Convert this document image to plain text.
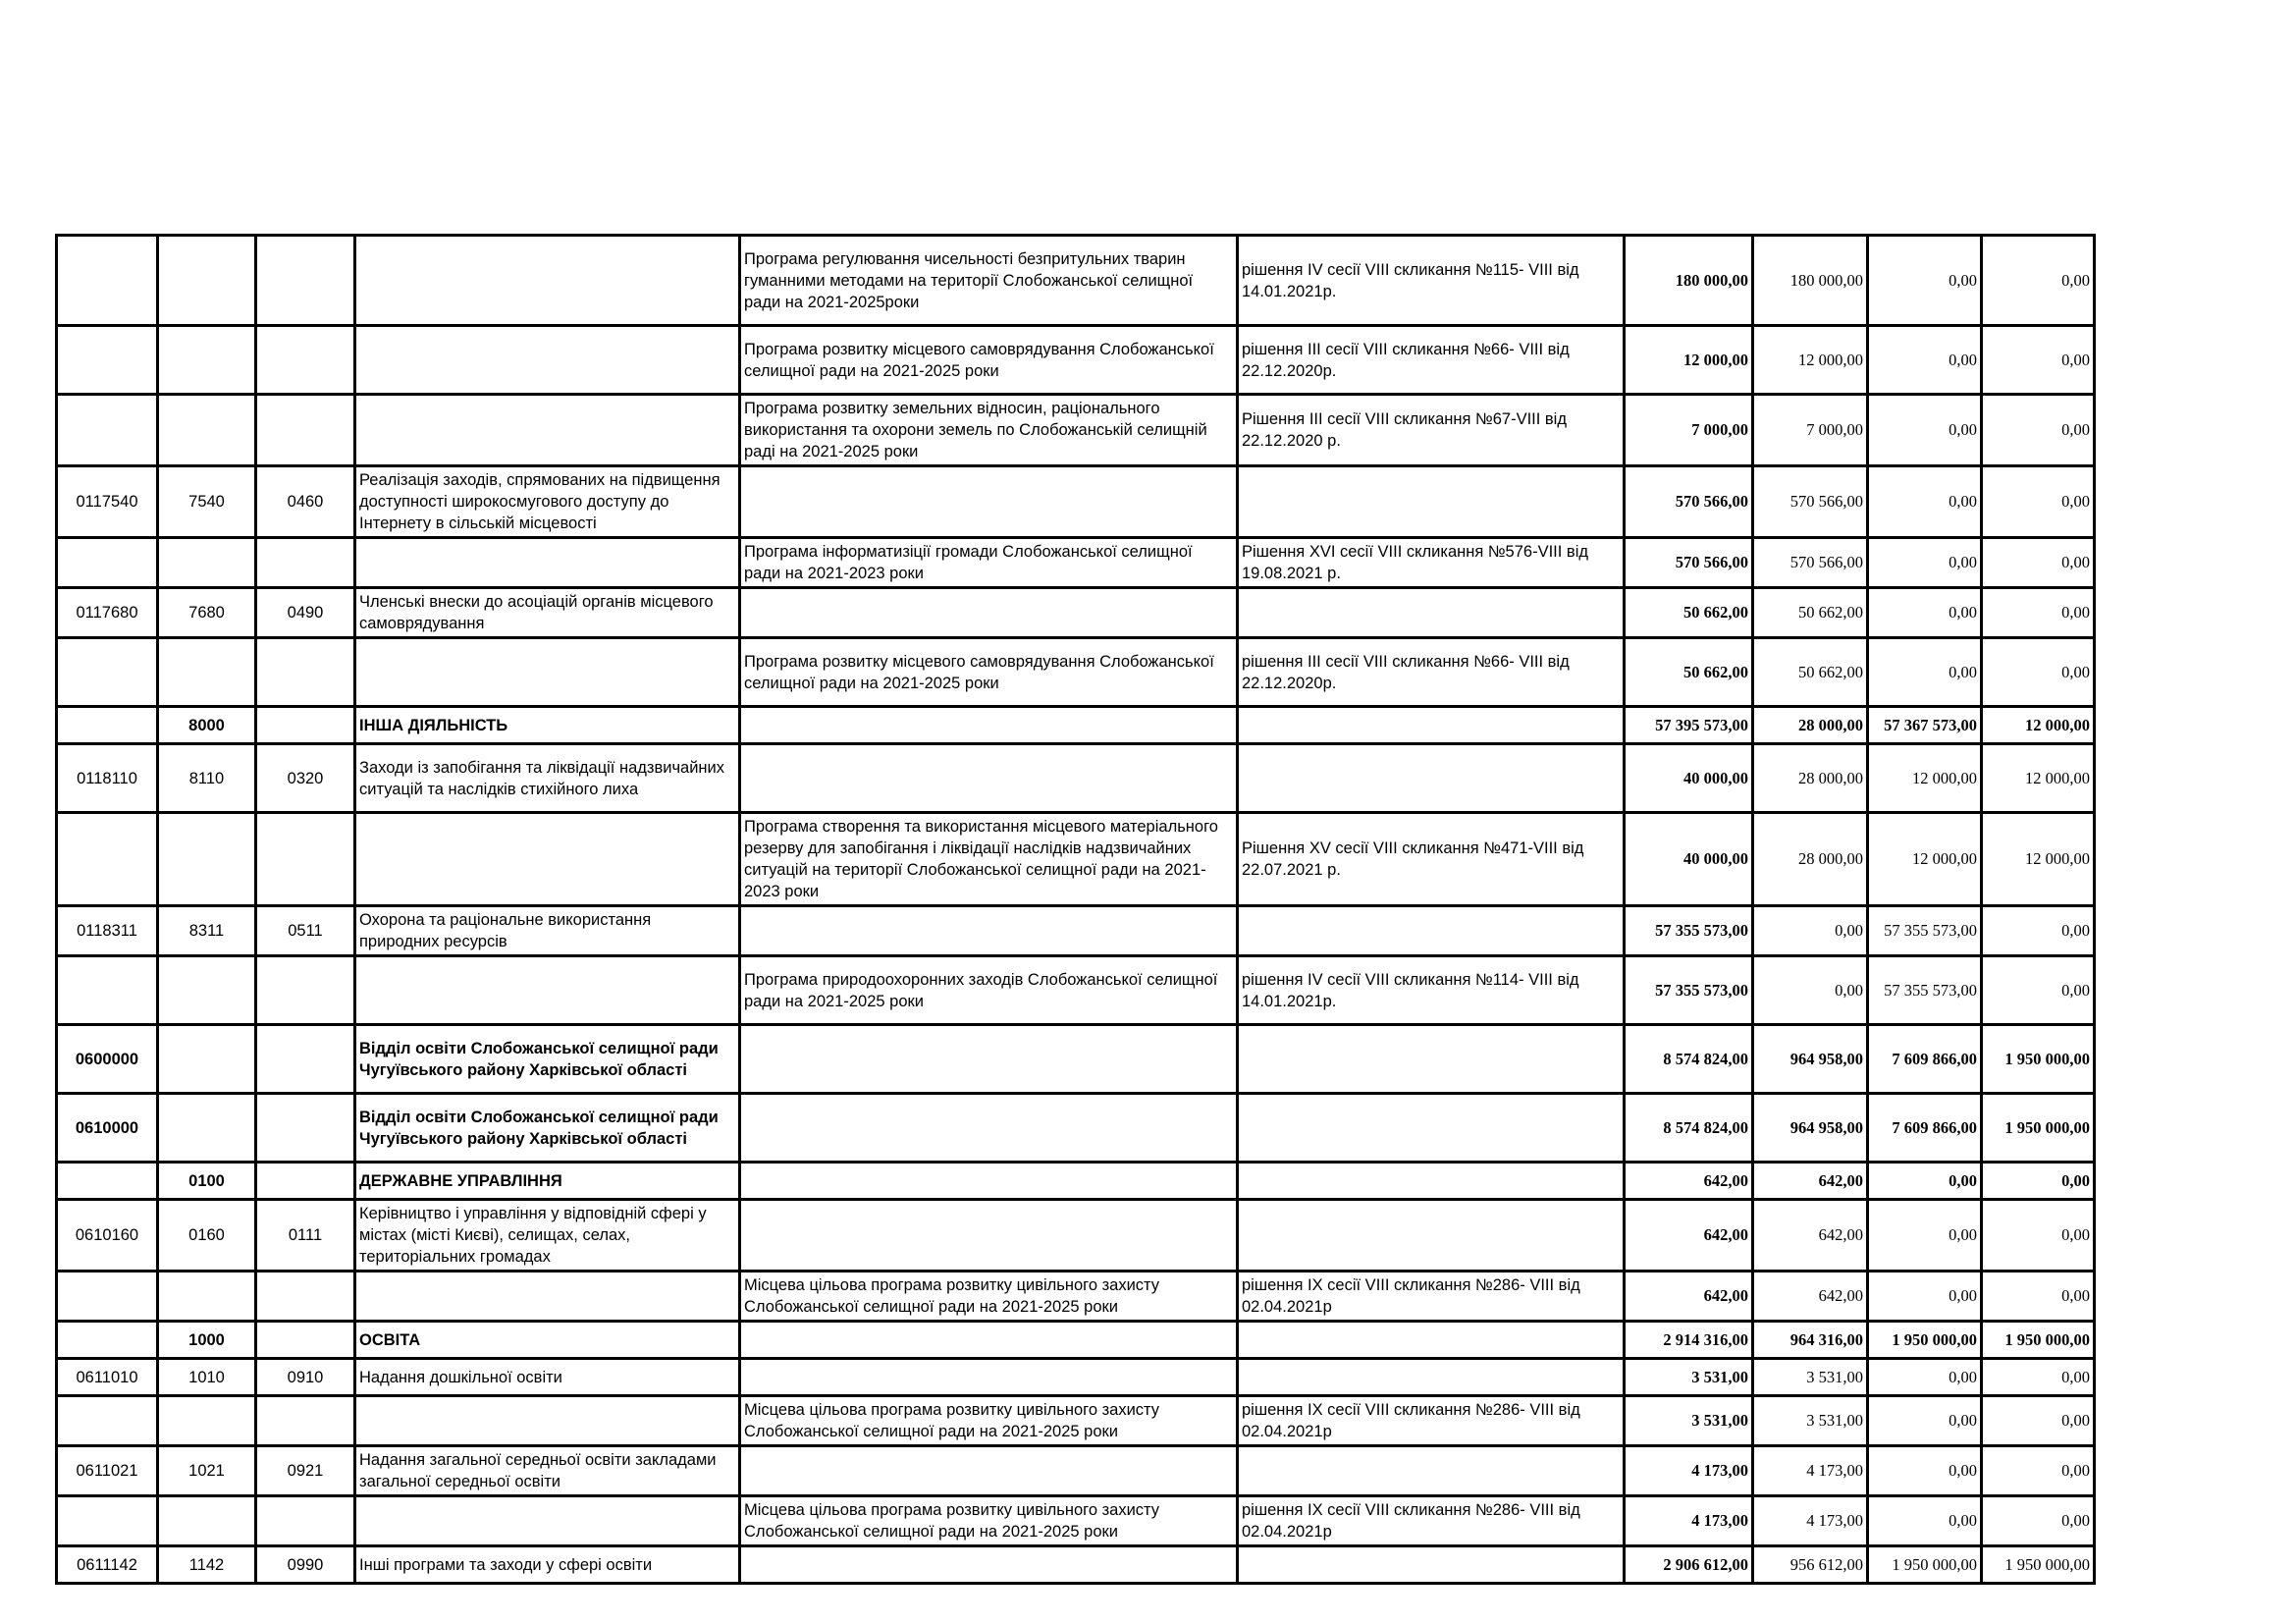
				Програма регулювання чисельності безпритульних тварин гуманними методами на території Слобожанської селищної ради на 2021-2025роки	рішення IV сесії VIII скликання №115- VIII від 14.01.2021р.	180 000,00	180 000,00	0,00	0,00
				Програма розвитку місцевого самоврядування Слобожанської селищної ради на 2021-2025 роки	рішення III сесії VIII скликання №66- VIII від 22.12.2020р.	12 000,00	12 000,00	0,00	0,00
				Програма розвитку земельних відносин, раціонального використання та охорони земель по Слобожанській селищній раді на 2021-2025 роки	Рішення III сесії VIII скликання №67-VIII від 22.12.2020 р.	7 000,00	7 000,00	0,00	0,00
0117540	7540	0460	Реалізація заходів, спрямованих на підвищення доступності широкосмугового доступу до Інтернету в сільській місцевості			570 566,00	570 566,00	0,00	0,00
				Програма інформатизіції громади Слобожанської селищної ради на 2021-2023 роки	Рішення XVI сесії VIII скликання №576-VIII від 19.08.2021 р.	570 566,00	570 566,00	0,00	0,00
0117680	7680	0490	Членські внески до асоціацій органів місцевого самоврядування			50 662,00	50 662,00	0,00	0,00
				Програма розвитку місцевого самоврядування Слобожанської селищної ради на 2021-2025 роки	рішення III сесії VIII скликання №66- VIII від 22.12.2020р.	50 662,00	50 662,00	0,00	0,00
	8000		ІНША ДІЯЛЬНІСТЬ			57 395 573,00	28 000,00	57 367 573,00	12 000,00
0118110	8110	0320	Заходи із запобігання та ліквідації надзвичайних ситуацій та наслідків стихійного лиха			40 000,00	28 000,00	12 000,00	12 000,00
				Програма створення та використання місцевого матеріального резерву для запобігання і ліквідації наслідків надзвичайних ситуацій на території Слобожанської селищної ради на 2021-2023 роки	Рішення XV сесії VIII скликання №471-VIII від 22.07.2021 р.	40 000,00	28 000,00	12 000,00	12 000,00
0118311	8311	0511	Охорона та раціональне використання природних ресурсів			57 355 573,00	0,00	57 355 573,00	0,00
				Програма природоохоронних заходів Слобожанської селищної ради на 2021-2025 роки	рішення IV сесії VIII скликання №114- VIII від 14.01.2021р.	57 355 573,00	0,00	57 355 573,00	0,00
0600000			Відділ освіти Слобожанської селищної ради Чугуївського району Харківської області			8 574 824,00	964 958,00	7 609 866,00	1 950 000,00
0610000			Відділ освіти Слобожанської селищної ради Чугуївського району Харківської області			8 574 824,00	964 958,00	7 609 866,00	1 950 000,00
	0100		ДЕРЖАВНЕ УПРАВЛІННЯ			642,00	642,00	0,00	0,00
0610160	0160	0111	Керівництво і управління у відповідній сфері у містах (місті Києві), селищах, селах, територіальних громадах			642,00	642,00	0,00	0,00
				Місцева цільова програма розвитку цивільного захисту Слобожанської селищної ради на 2021-2025 роки	рішення IX сесії VIII скликання №286- VIII від 02.04.2021р	642,00	642,00	0,00	0,00
	1000		ОСВІТА			2 914 316,00	964 316,00	1 950 000,00	1 950 000,00
0611010	1010	0910	Надання дошкільної освіти			3 531,00	3 531,00	0,00	0,00
				Місцева цільова програма розвитку цивільного захисту Слобожанської селищної ради на 2021-2025 роки	рішення IX сесії VIII скликання №286- VIII від 02.04.2021р	3 531,00	3 531,00	0,00	0,00
0611021	1021	0921	Надання загальної середньої освіти закладами загальної середньої освіти			4 173,00	4 173,00	0,00	0,00
				Місцева цільова програма розвитку цивільного захисту Слобожанської селищної ради на 2021-2025 роки	рішення IX сесії VIII скликання №286- VIII від 02.04.2021р	4 173,00	4 173,00	0,00	0,00
0611142	1142	0990	Інші програми та заходи у сфері освіти			2 906 612,00	956 612,00	1 950 000,00	1 950 000,00
